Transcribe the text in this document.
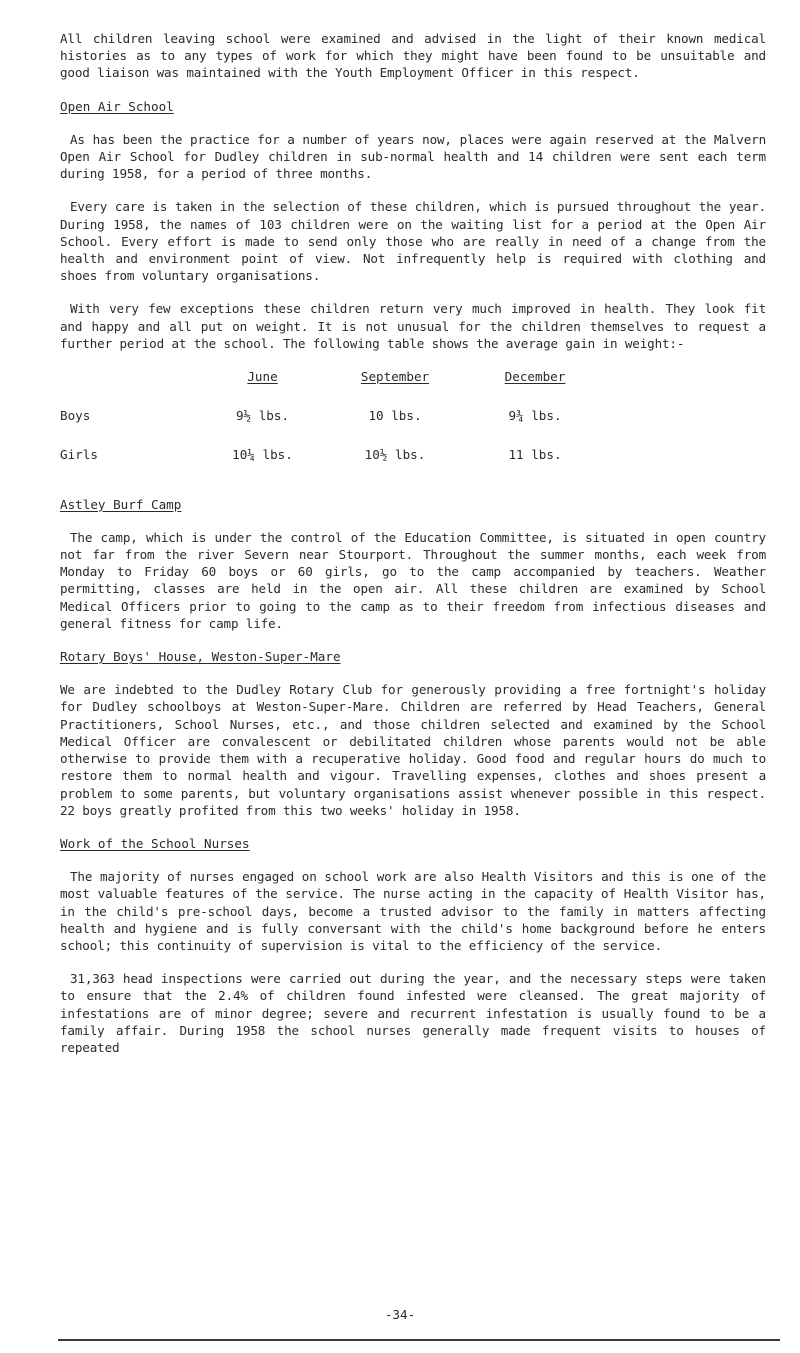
All children leaving school were examined and advised in the light of their known medical histories as to any types of work for which they might have been found to be unsuitable and good liaison was maintained with the Youth Employment Officer in this respect.

Open Air School

As has been the practice for a number of years now, places were again reserved at the Malvern Open Air School for Dudley children in sub-normal health and 14 children were sent each term during 1958, for a period of three months.

Every care is taken in the selection of these children, which is pursued throughout the year. During 1958, the names of 103 children were on the waiting list for a period at the Open Air School. Every effort is made to send only those who are really in need of a change from the health and environment point of view. Not infrequently help is required with clothing and shoes from voluntary organisations.

With very few exceptions these children return very much improved in health. They look fit and happy and all put on weight. It is not unusual for the children themselves to request a further period at the school. The following table shows the average gain in weight:-

	June	September	December
Boys	9½ lbs.	10 lbs.	9¾ lbs.
Girls	10¼ lbs.	10½ lbs.	11 lbs.
Astley Burf Camp

The camp, which is under the control of the Education Committee, is situated in open country not far from the river Severn near Stourport. Throughout the summer months, each week from Monday to Friday 60 boys or 60 girls, go to the camp accompanied by teachers. Weather permitting, classes are held in the open air. All these children are examined by School Medical Officers prior to going to the camp as to their freedom from infectious diseases and general fitness for camp life.

Rotary Boys' House, Weston-Super-Mare

We are indebted to the Dudley Rotary Club for generously providing a free fortnight's holiday for Dudley schoolboys at Weston-Super-Mare. Children are referred by Head Teachers, General Practitioners, School Nurses, etc., and those children selected and examined by the School Medical Officer are convalescent or debilitated children whose parents would not be able otherwise to provide them with a recuperative holiday. Good food and regular hours do much to restore them to normal health and vigour. Travelling expenses, clothes and shoes present a problem to some parents, but voluntary organisations assist whenever possible in this respect. 22 boys greatly profited from this two weeks' holiday in 1958.

Work of the School Nurses

The majority of nurses engaged on school work are also Health Visitors and this is one of the most valuable features of the service. The nurse acting in the capacity of Health Visitor has, in the child's pre-school days, become a trusted advisor to the family in matters affecting health and hygiene and is fully conversant with the child's home background before he enters school; this continuity of supervision is vital to the efficiency of the service.

31,363 head inspections were carried out during the year, and the necessary steps were taken to ensure that the 2.4% of children found infested were cleansed. The great majority of infestations are of minor degree; severe and recurrent infestation is usually found to be a family affair. During 1958 the school nurses generally made frequent visits to houses of repeated

-34-
